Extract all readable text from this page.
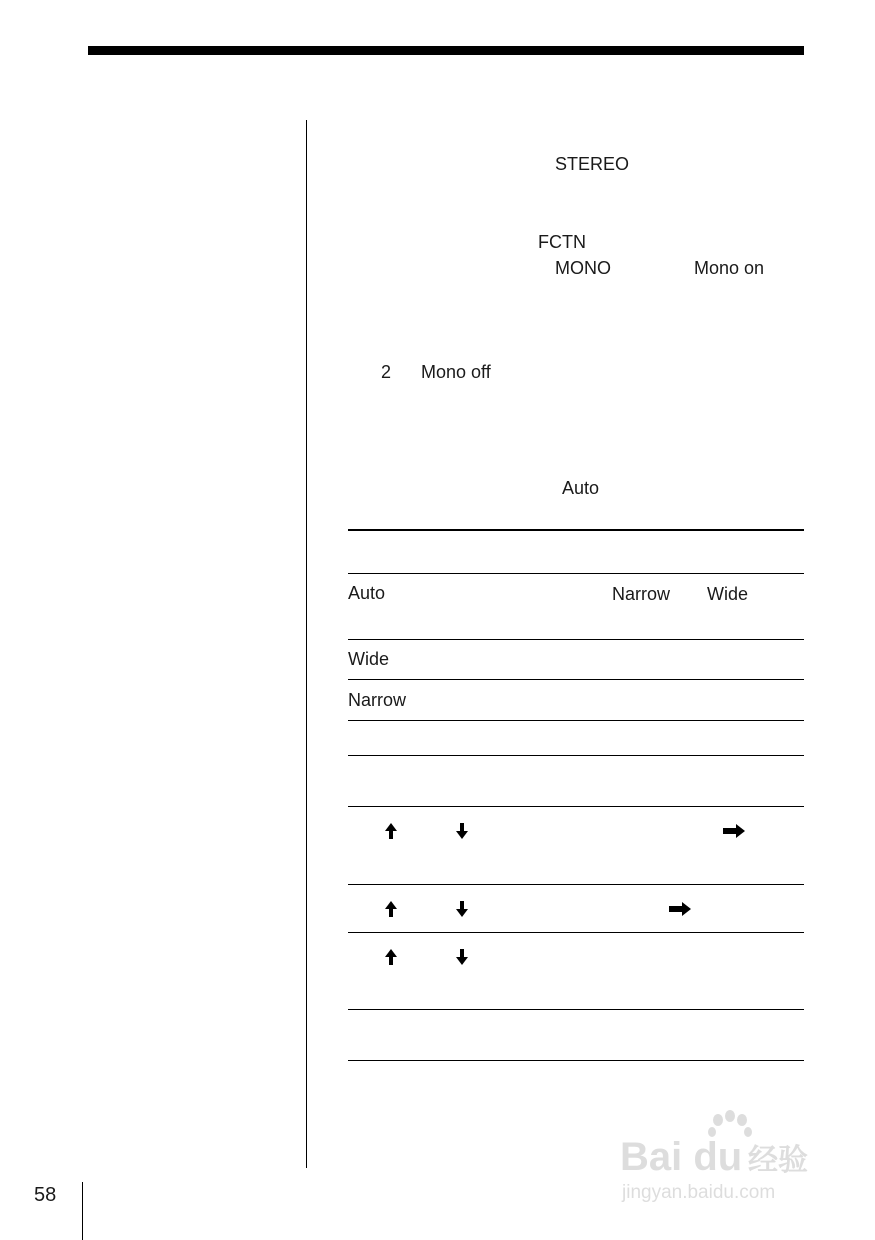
58
STEREO
FCTN
MONO	Mono on
2 Mono off
Auto
Auto	Narrow Wide
Wide
Narrow
Bai du 经验
jingyan.baidu.com
